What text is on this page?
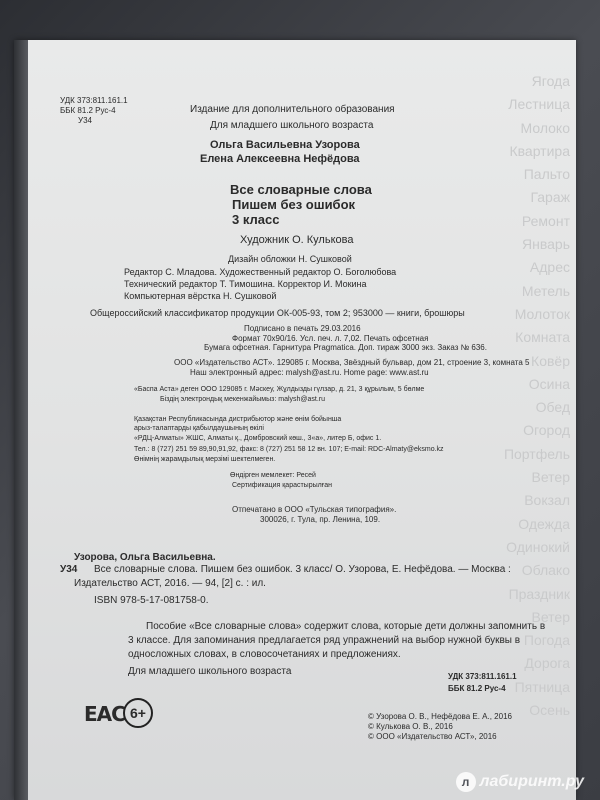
Ягода
Лестница
Молоко
Квартира
Пальто
Гараж
Ремонт
Январь
Адрес
Метель
Молоток
Комната
Ковёр
Осина
Обед
Огород
Портфель
Ветер
Вокзал
Одежда
Одинокий
Облако
Праздник
Ветер
Погода
Дорога
Пятница
Осень
УДК 373:811.161.1
ББК 81.2 Рус-4
У34
Издание для дополнительного образования
Для младшего школьного возраста
Ольга Васильевна Узорова
Елена Алексеевна Нефёдова
Все словарные слова
Пишем без ошибок
3 класс
Художник О. Кулькова
Дизайн обложки Н. Сушковой
Редактор С. Младова. Художественный редактор О. Боголюбова
Технический редактор Т. Тимошина. Корректор И. Мокина
Компьютерная вёрстка Н. Сушковой
Общероссийский классификатор продукции ОК-005-93, том 2; 953000 — книги, брошюры
Подписано в печать 29.03.2016
Формат 70x90/16. Усл. печ. л. 7,02. Печать офсетная
Бумага офсетная. Гарнитура Pragmatica. Доп. тираж 3000 экз. Заказ № 636.
ООО «Издательство АСТ». 129085 г. Москва, Звёздный бульвар, дом 21, строение 3, комната 5
Наш электронный адрес: malysh@ast.ru. Home page: www.ast.ru
«Баспа Аста» деген ООО 129085 г. Мәскеу, Жұлдызды гүлзар, д. 21, 3 құрылым, 5 бөлме
Біздің электрондық мекенжайымыз: malysh@ast.ru
Қазақстан Республикасында дистрибьютор және өнім бойынша
арыз-талаптарды қабылдаушының өкілі
«РДЦ-Алматы» ЖШС, Алматы қ., Домбровский көш., 3«а», литер Б, офис 1.
Тел.: 8 (727) 251 59 89,90,91,92, факс: 8 (727) 251 58 12 вн. 107; E-mail: RDC-Almaty@eksmo.kz
Өнімнің жарамдылық мерзімі шектелмеген.
Өндірген мемлекет: Ресей
Сертификация қарастырылған
Отпечатано в ООО «Тульская типография».
300026, г. Тула, пр. Ленина, 109.
Узорова, Ольга Васильевна.
У34 Все словарные слова. Пишем без ошибок. 3 класс/ О. Узорова, Е. Нефёдова. — Москва :
Издательство АСТ, 2016. — 94, [2] с. : ил.
ISBN 978-5-17-081758-0.
Пособие «Все словарные слова» содержит слова, которые дети должны запомнить в 3 классе. Для запоминания предлагается ряд упражнений на выбор нужной буквы в односложных словах, в словосочетаниях и предложениях.
Для младшего школьного возраста	УДК 373:811.161.1
ББК 81.2 Рус-4
EAC 6+	© Узорова О. В., Нефёдова Е. А., 2016
© Кулькова О. В., 2016
© ООО «Издательство АСТ», 2016
л лабиринт.ру
